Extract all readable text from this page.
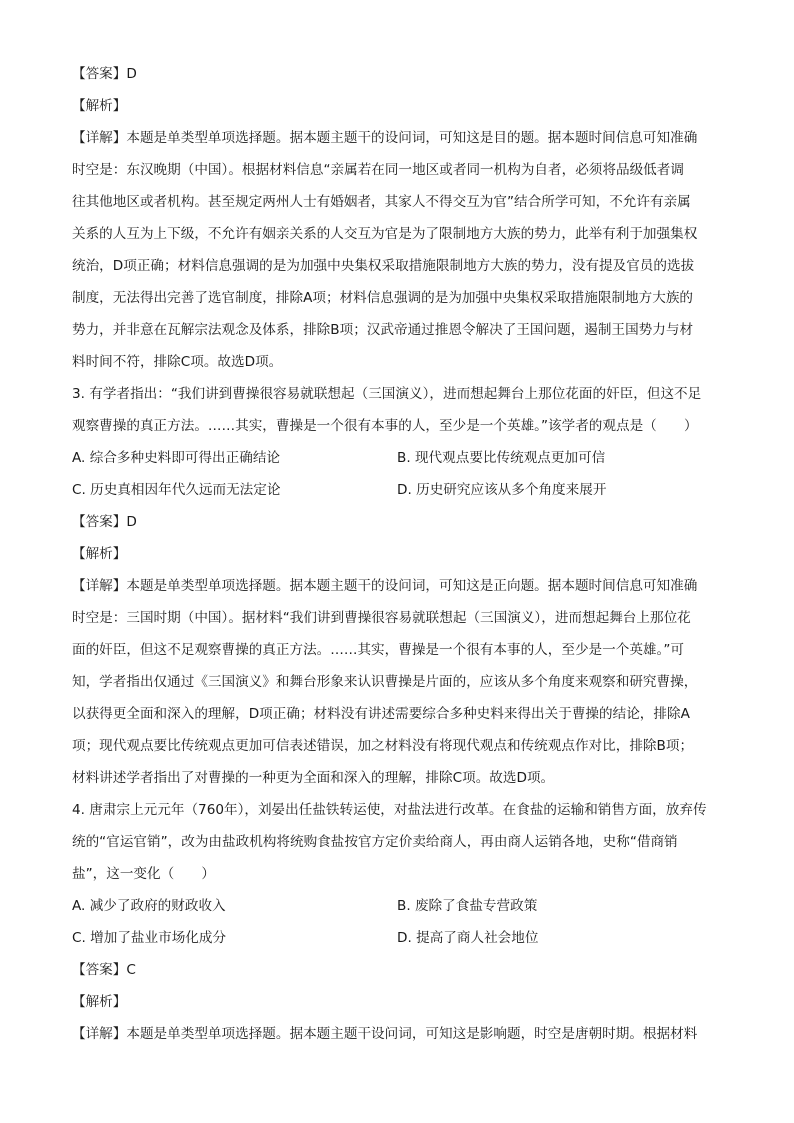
【答案】D
【解析】
【详解】本题是单类型单项选择题。据本题主题干的设问词，可知这是目的题。据本题时间信息可知准确
时空是：东汉晚期（中国）。根据材料信息“亲属若在同一地区或者同一机构为自者，必须将品级低者调
往其他地区或者机构。甚至规定两州人士有婚姻者，其家人不得交互为官”结合所学可知，不允许有亲属
关系的人互为上下级，不允许有姻亲关系的人交互为官是为了限制地方大族的势力，此举有利于加强集权
统治，D项正确；材料信息强调的是为加强中央集权采取措施限制地方大族的势力，没有提及官员的选拔
制度，无法得出完善了选官制度，排除A项；材料信息强调的是为加强中央集权采取措施限制地方大族的
势力，并非意在瓦解宗法观念及体系，排除B项；汉武帝通过推恩令解决了王国问题，遏制王国势力与材
料时间不符，排除C项。故选D项。
3. 有学者指出：“我们讲到曹操很容易就联想起（三国演义），进而想起舞台上那位花面的奸臣，但这不足
观察曹操的真正方法。……其实，曹操是一个很有本事的人，至少是一个英雄。”该学者的观点是（　　）
A. 综合多种史料即可得出正确结论	B. 现代观点要比传统观点更加可信
C. 历史真相因年代久远而无法定论	D. 历史研究应该从多个角度来展开
【答案】D
【解析】
【详解】本题是单类型单项选择题。据本题主题干的设问词，可知这是正向题。据本题时间信息可知准确
时空是：三国时期（中国）。据材料“我们讲到曹操很容易就联想起（三国演义），进而想起舞台上那位花
面的奸臣，但这不足观察曹操的真正方法。……其实，曹操是一个很有本事的人，至少是一个英雄。”可
知，学者指出仅通过《三国演义》和舞台形象来认识曹操是片面的，应该从多个角度来观察和研究曹操，
以获得更全面和深入的理解，D项正确；材料没有讲述需要综合多种史料来得出关于曹操的结论，排除A
项；现代观点要比传统观点更加可信表述错误，加之材料没有将现代观点和传统观点作对比，排除B项；
材料讲述学者指出了对曹操的一种更为全面和深入的理解，排除C项。故选D项。
4. 唐肃宗上元元年（760年），刘晏出任盐铁转运使，对盐法进行改革。在食盐的运输和销售方面，放弃传
统的“官运官销”，改为由盐政机构将统购食盐按官方定价卖给商人，再由商人运销各地，史称“借商销
盐”，这一变化（　　）
A. 减少了政府的财政收入	B. 废除了食盐专营政策
C. 增加了盐业市场化成分	D. 提高了商人社会地位
【答案】C
【解析】
【详解】本题是单类型单项选择题。据本题主题干设问词，可知这是影响题，时空是唐朝时期。根据材料
